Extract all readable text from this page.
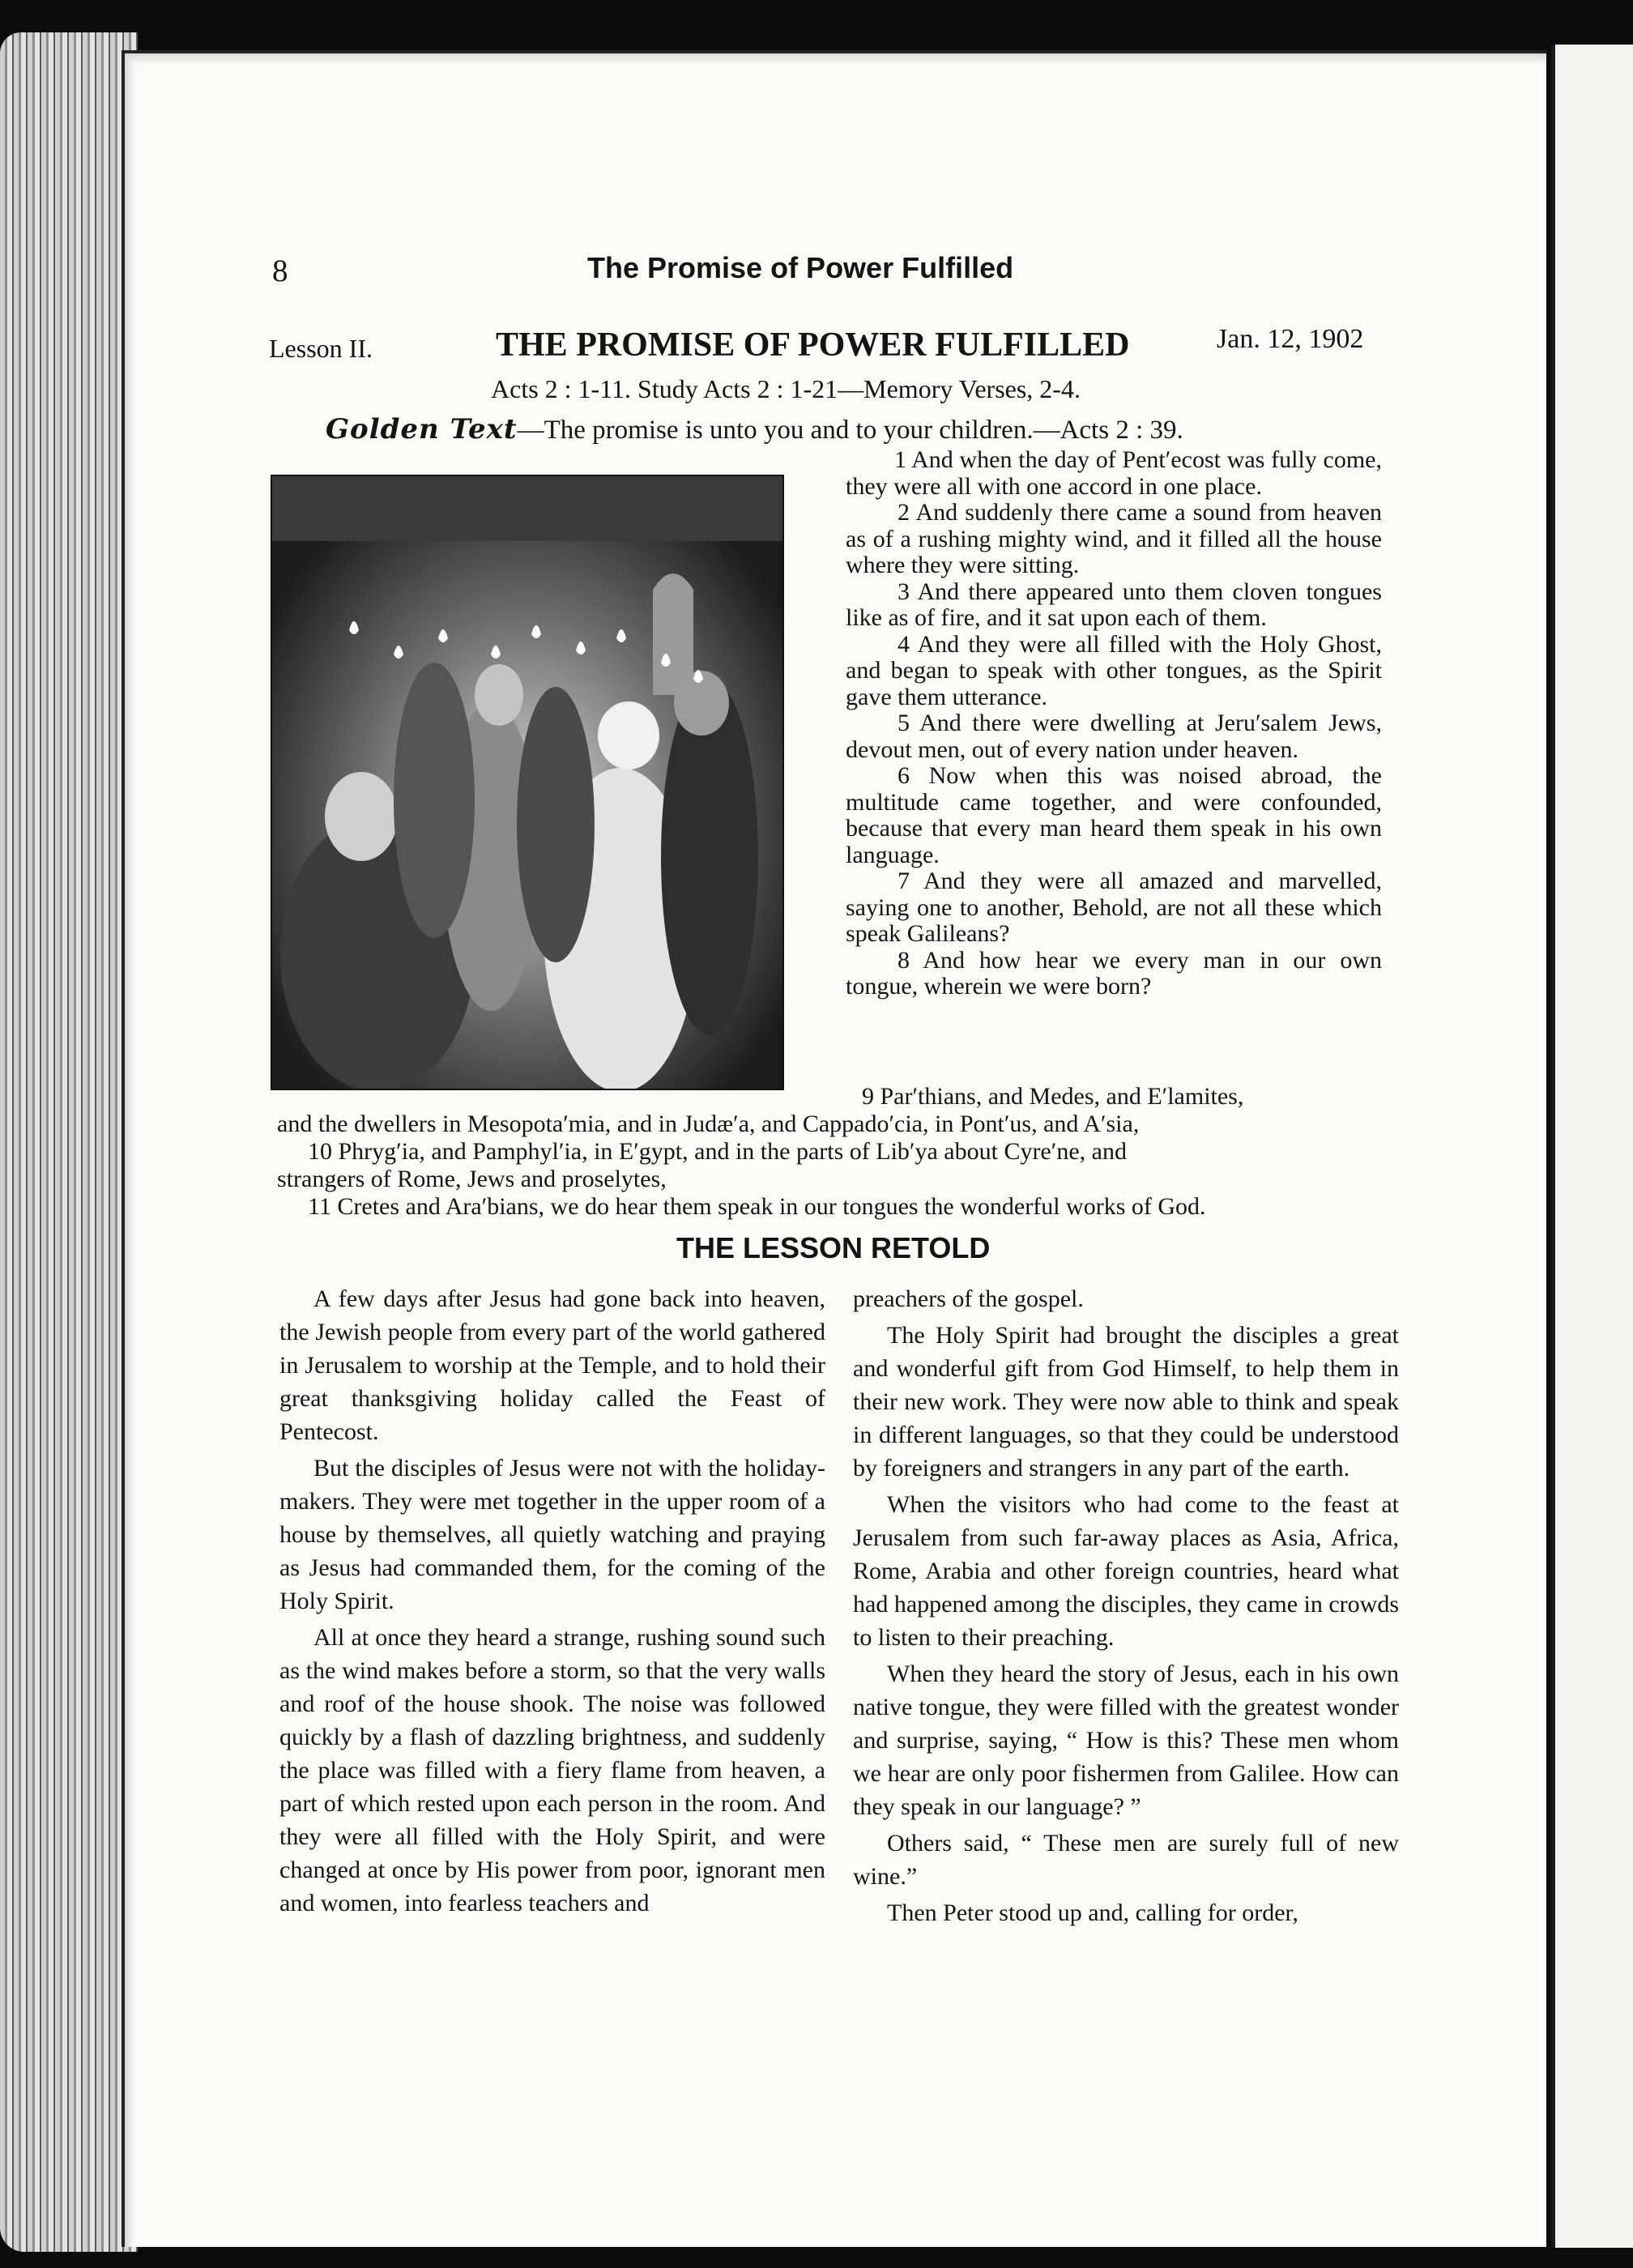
8	The Promise of Power Fulfilled
Lesson II.	THE PROMISE OF POWER FULFILLED	Jan. 12, 1902
Acts 2 : 1-11. Study Acts 2 : 1-21—Memory Verses, 2-4.
Golden Text—The promise is unto you and to your children.—Acts 2 : 39.

1 And when the day of Pent′ecost was fully come, they were all with one accord in one place.

2 And suddenly there came a sound from heaven as of a rushing mighty wind, and it filled all the house where they were sitting.

3 And there appeared unto them cloven tongues like as of fire, and it sat upon each of them.

4 And they were all filled with the Holy Ghost, and began to speak with other tongues, as the Spirit gave them utterance.

5 And there were dwelling at Jeru′salem Jews, devout men, out of every nation under heaven.

6 Now when this was noised abroad, the multitude came together, and were confounded, because that every man heard them speak in his own language.

7 And they were all amazed and marvelled, saying one to another, Behold, are not all these which speak Galileans?

8 And how hear we every man in our own tongue, wherein we were born?

9 Par′thians, and Medes, and E′lamites,

and the dwellers in Mesopota′mia, and in Judæ′a, and Cappado′cia, in Pont′us, and A′sia,

10 Phryg′ia, and Pamphyl′ia, in E′gypt, and in the parts of Lib′ya about Cyre′ne, and

strangers of Rome, Jews and proselytes,

11 Cretes and Ara′bians, we do hear them speak in our tongues the wonderful works of God.

THE LESSON RETOLD

A few days after Jesus had gone back into heaven, the Jewish people from every part of the world gathered in Jerusalem to worship at the Temple, and to hold their great thanksgiving holiday called the Feast of Pentecost.

But the disciples of Jesus were not with the holiday-makers. They were met together in the upper room of a house by themselves, all quietly watching and praying as Jesus had commanded them, for the coming of the Holy Spirit.

All at once they heard a strange, rushing sound such as the wind makes before a storm, so that the very walls and roof of the house shook. The noise was followed quickly by a flash of dazzling brightness, and suddenly the place was filled with a fiery flame from heaven, a part of which rested upon each person in the room. And they were all filled with the Holy Spirit, and were changed at once by His power from poor, ignorant men and women, into fearless teachers and

preachers of the gospel.

The Holy Spirit had brought the disciples a great and wonderful gift from God Himself, to help them in their new work. They were now able to think and speak in different languages, so that they could be understood by foreigners and strangers in any part of the earth.

When the visitors who had come to the feast at Jerusalem from such far-away places as Asia, Africa, Rome, Arabia and other foreign countries, heard what had happened among the disciples, they came in crowds to listen to their preaching.

When they heard the story of Jesus, each in his own native tongue, they were filled with the greatest wonder and surprise, saying, “ How is this? These men whom we hear are only poor fishermen from Galilee. How can they speak in our language? ”

Others said, “ These men are surely full of new wine.”

Then Peter stood up and, calling for order,
